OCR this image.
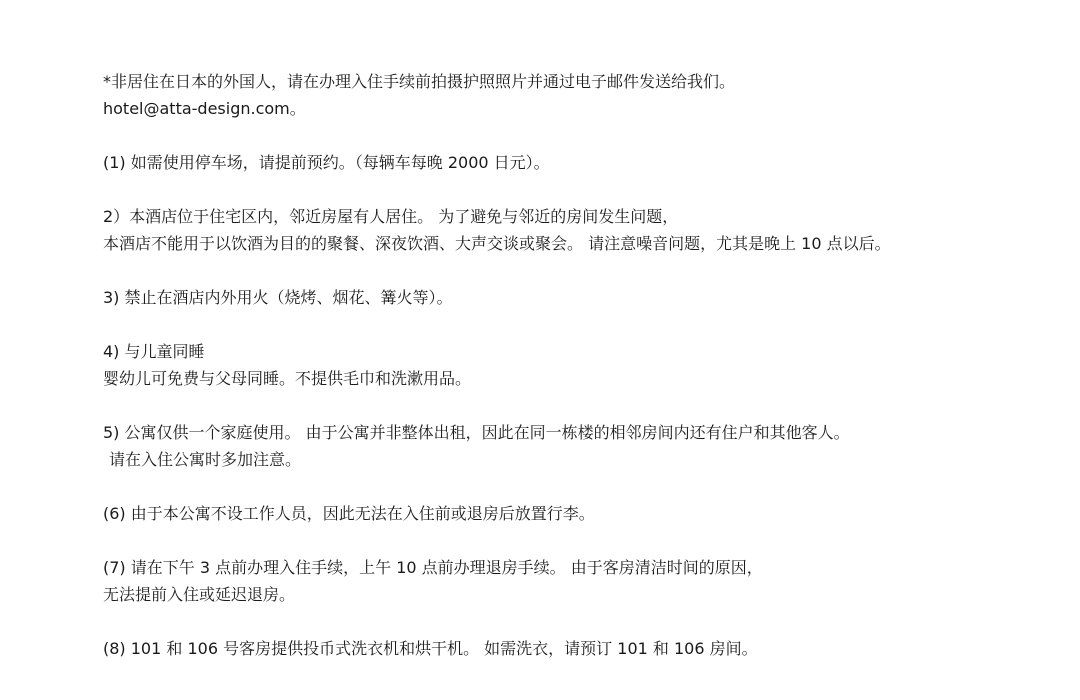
*非居住在日本的外国人，请在办理入住手续前拍摄护照照片并通过电子邮件发送给我们。
hotel@atta-design.com。
(1) 如需使用停车场，请提前预约。（每辆车每晚 2000 日元）。
2）本酒店位于住宅区内，邻近房屋有人居住。 为了避免与邻近的房间发生问题，
本酒店不能用于以饮酒为目的的聚餐、深夜饮酒、大声交谈或聚会。 请注意噪音问题，尤其是晚上 10 点以后。
3) 禁止在酒店内外用火（烧烤、烟花、篝火等）。
4) 与儿童同睡
婴幼儿可免费与父母同睡。不提供毛巾和洗漱用品。
5) 公寓仅供一个家庭使用。 由于公寓并非整体出租，因此在同一栋楼的相邻房间内还有住户和其他客人。
请在入住公寓时多加注意。
(6) 由于本公寓不设工作人员，因此无法在入住前或退房后放置行李。
(7) 请在下午 3 点前办理入住手续，上午 10 点前办理退房手续。 由于客房清洁时间的原因，
无法提前入住或延迟退房。
(8) 101 和 106 号客房提供投币式洗衣机和烘干机。 如需洗衣，请预订 101 和 106 房间。
